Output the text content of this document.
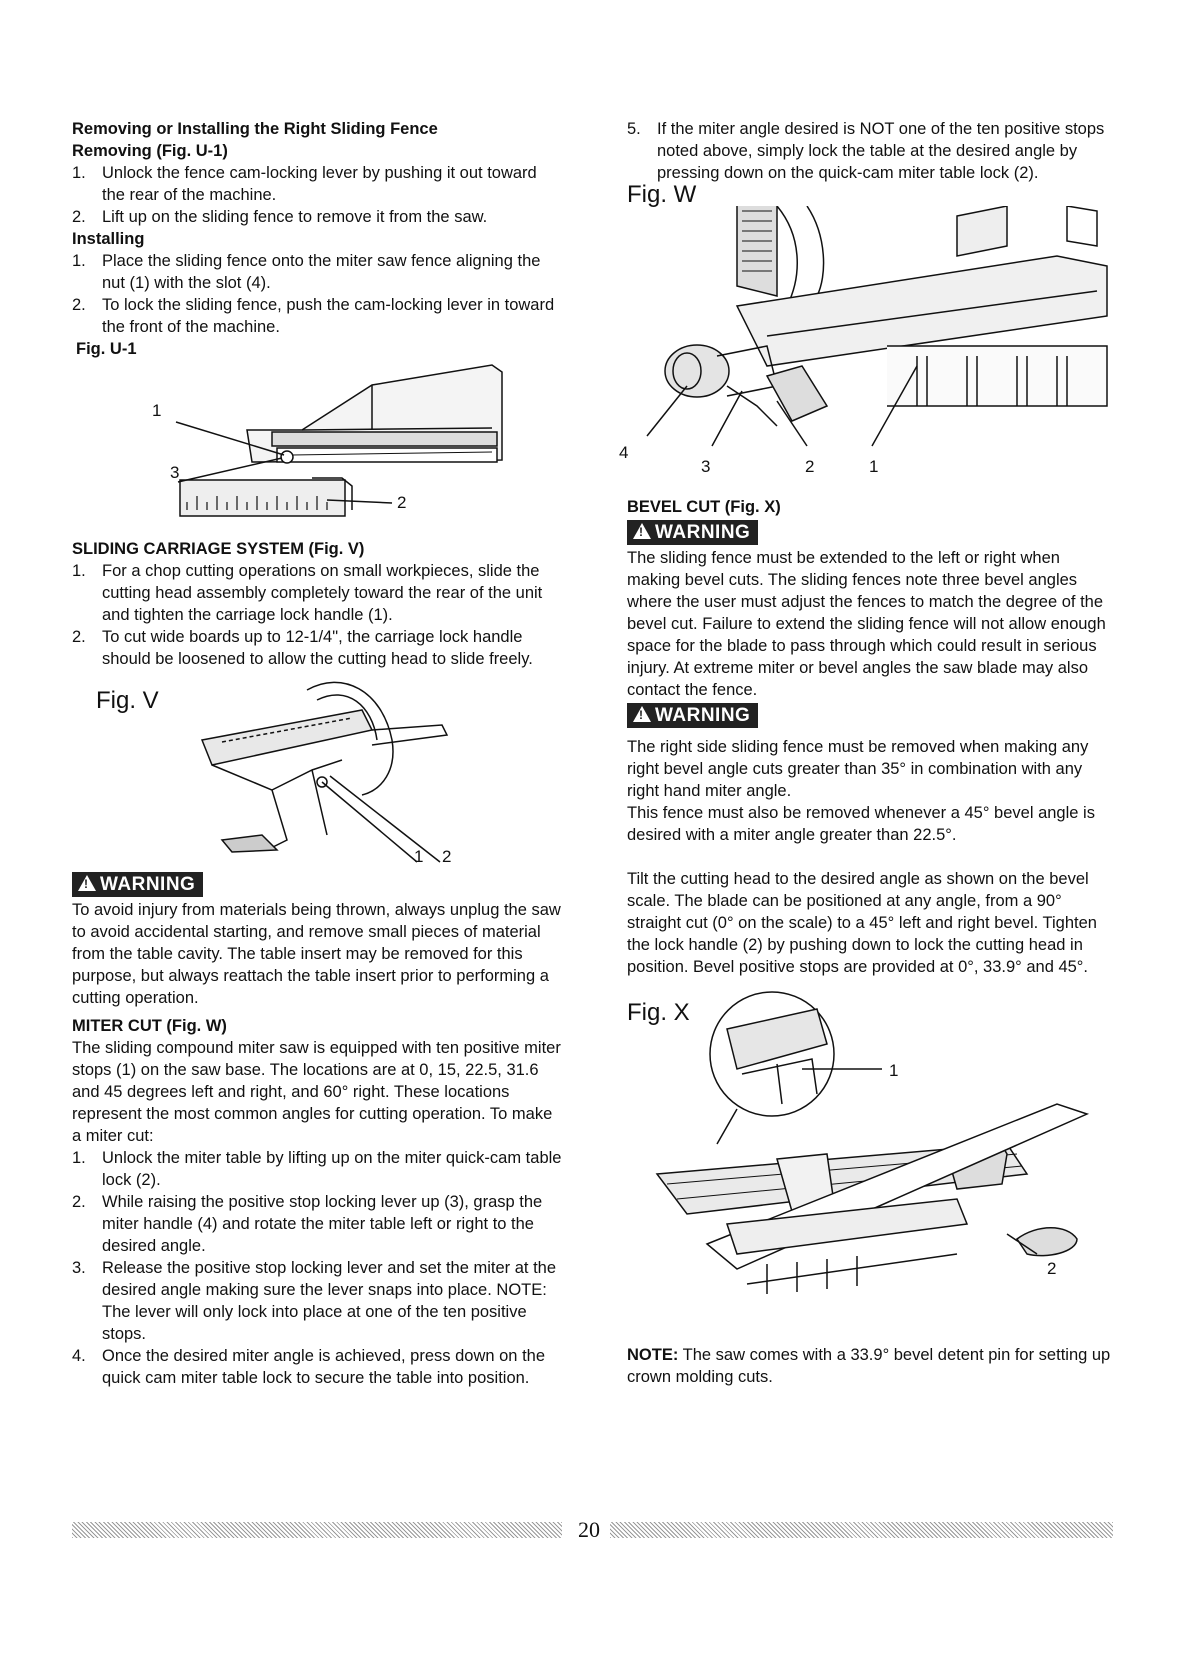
Removing or Installing the Right Sliding Fence
Removing (Fig. U-1)
1. Unlock the fence cam-locking lever by pushing it out toward the rear of the machine.
2. Lift up on the sliding fence to remove it from the saw.
Installing
1. Place the sliding fence onto the miter saw fence aligning the nut (1) with the slot (4).
2. To lock the sliding fence, push the cam-locking lever in toward the front of the machine.
Fig. U-1
1
3
2
SLIDING CARRIAGE SYSTEM (Fig. V)
1. For a chop cutting operations on small workpieces, slide the cutting head assembly completely toward the rear of the unit and tighten the carriage lock handle (1).
2. To cut wide boards up to 12-1/4", the carriage lock handle should be loosened to allow the cutting head to slide freely.
Fig. V
1 2
!WARNING

To avoid injury from materials being thrown, always unplug the saw to avoid accidental starting, and remove small pieces of material from the table cavity. The table insert may be removed for this purpose, but always reattach the table insert prior to performing a cutting operation.

MITER CUT (Fig. W)

The sliding compound miter saw is equipped with ten positive miter stops (1) on the saw base. The locations are at 0, 15, 22.5, 31.6 and 45 degrees left and right, and 60° right. These locations represent the most common angles for cutting operation. To make a miter cut:

1. Unlock the miter table by lifting up on the miter quick-cam table lock (2).
2. While raising the positive stop locking lever up (3), grasp the miter handle (4) and rotate the miter table left or right to the desired angle.
3. Release the positive stop locking lever and set the miter at the desired angle making sure the lever snaps into place. NOTE: The lever will only lock into place at one of the ten positive stops.
4. Once the desired miter angle is achieved, press down on the quick cam miter table lock to secure the table into position.
5. If the miter angle desired is NOT one of the ten positive stops noted above, simply lock the table at the desired angle by pressing down on the quick-cam miter table lock (2).
Fig. W
4
3	2	1
BEVEL CUT (Fig. X)
!WARNING

The sliding fence must be extended to the left or right when making bevel cuts. The sliding fences note three bevel angles where the user must adjust the fences to match the degree of the bevel cut. Failure to extend the sliding fence will not allow enough space for the blade to pass through which could result in serious injury. At extreme miter or bevel angles the saw blade may also contact the fence.

!WARNING

The right side sliding fence must be removed when making any right bevel angle cuts greater than 35° in combination with any right hand miter angle.

This fence must also be removed whenever a 45° bevel angle is desired with a miter angle greater than 22.5°.

Tilt the cutting head to the desired angle as shown on the bevel scale. The blade can be positioned at any angle, from a 90° straight cut (0° on the scale) to a 45° left and right bevel. Tighten the lock handle (2) by pushing down to lock the cutting head in position. Bevel positive stops are provided at 0°, 33.9° and 45°.

Fig. X
1
2

NOTE: The saw comes with a 33.9° bevel detent pin for setting up crown molding cuts.

20
